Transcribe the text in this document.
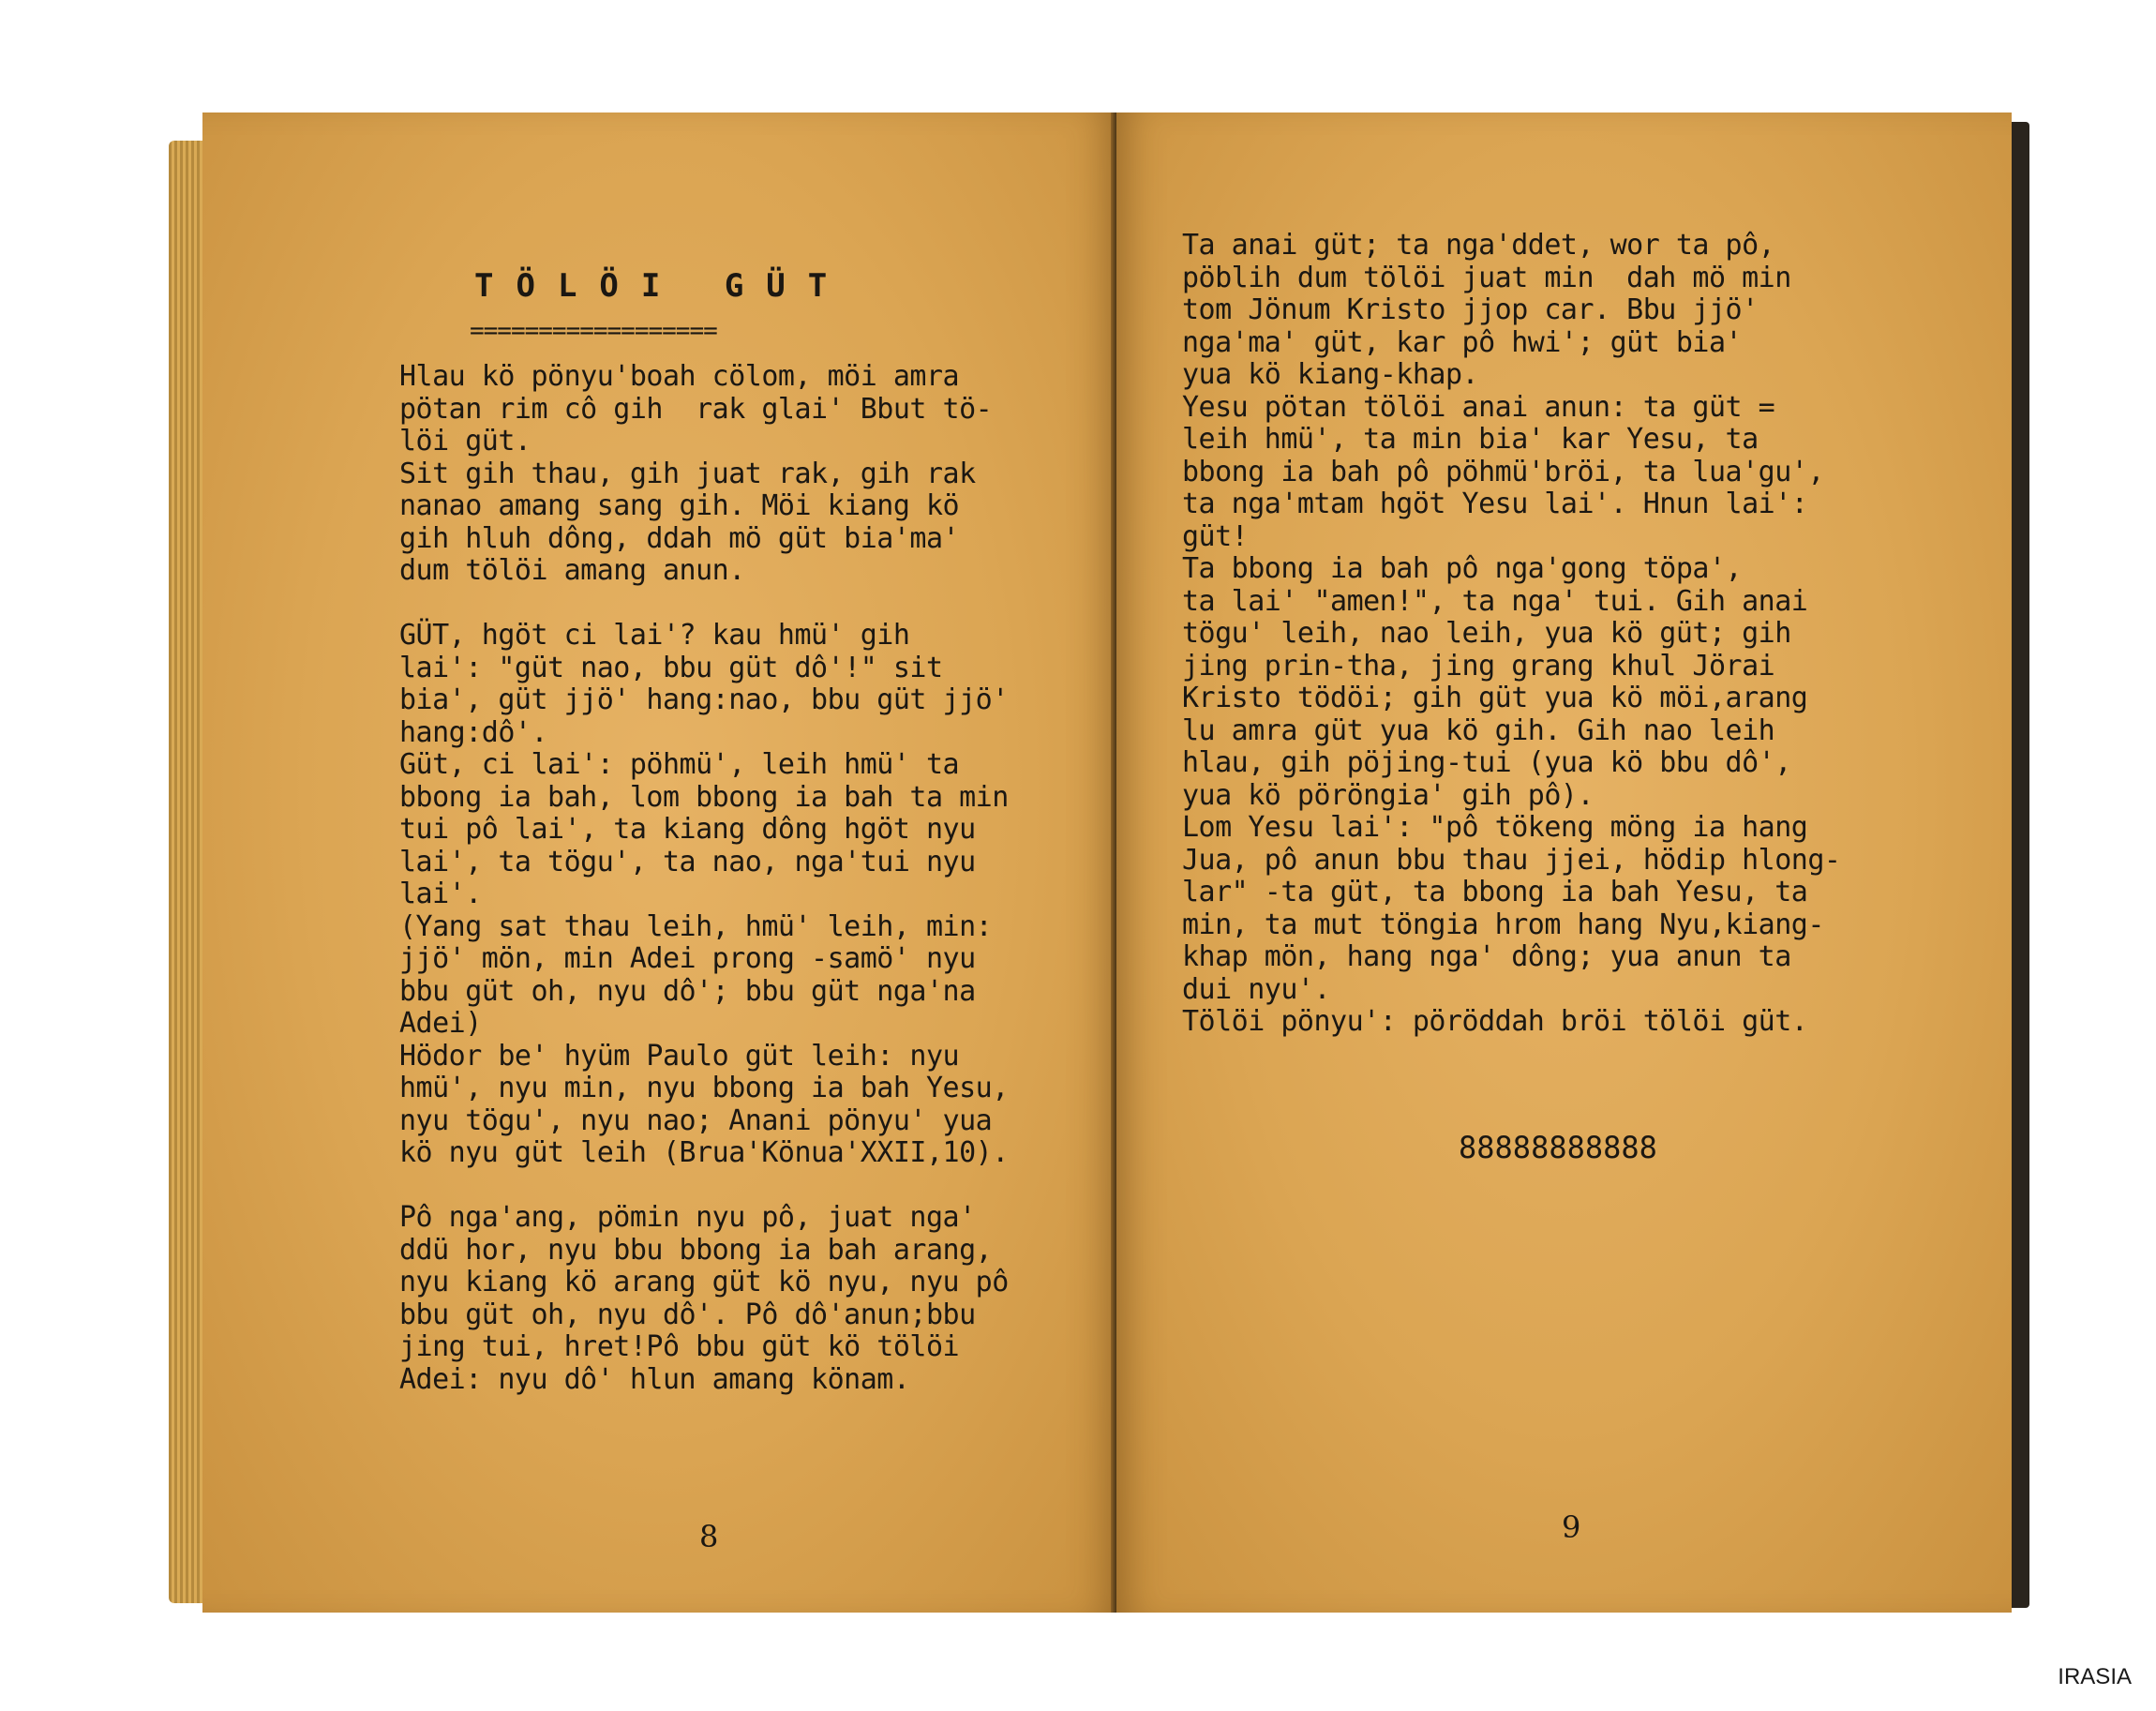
TÖLÖI GÜT
==================
Hlau kö pönyu'boah cölom, möi amra
pötan rim cô gih  rak glai' Bbut tö-
löi güt.
Sit gih thau, gih juat rak, gih rak
nanao amang sang gih. Möi kiang kö
gih hluh dông, ddah mö güt bia'ma'
dum tölöi amang anun.
GÜT, hgöt ci lai'? kau hmü' gih
lai': "güt nao, bbu güt dô'!" sit
bia', güt jjö' hang:nao, bbu güt jjö'
hang:dô'.
Güt, ci lai': pöhmü', leih hmü' ta
bbong ia bah, lom bbong ia bah ta min
tui pô lai', ta kiang dông hgöt nyu
lai', ta tögu', ta nao, nga'tui nyu
lai'.
(Yang sat thau leih, hmü' leih, min:
jjö' mön, min Adei prong -samö' nyu
bbu güt oh, nyu dô'; bbu güt nga'na
Adei)
Hödor be' hyüm Paulo güt leih: nyu
hmü', nyu min, nyu bbong ia bah Yesu,
nyu tögu', nyu nao; Anani pönyu' yua
kö nyu güt leih (Brua'Könua'XXII,10).
Pô nga'ang, pömin nyu pô, juat nga'
ddü hor, nyu bbu bbong ia bah arang,
nyu kiang kö arang güt kö nyu, nyu pô
bbu güt oh, nyu dô'. Pô dô'anun;bbu
jing tui, hret!Pô bbu güt kö tölöi
Adei: nyu dô' hlun amang könam.
8
Ta anai güt; ta nga'ddet, wor ta pô,
pöblih dum tölöi juat min  dah mö min
tom Jönum Kristo jjop car. Bbu jjö'
nga'ma' güt, kar pô hwi'; güt bia'
yua kö kiang-khap.
Yesu pötan tölöi anai anun: ta güt =
leih hmü', ta min bia' kar Yesu, ta
bbong ia bah pô pöhmü'bröi, ta lua'gu',
ta nga'mtam hgöt Yesu lai'. Hnun lai':
güt!
Ta bbong ia bah pô nga'gong töpa',
ta lai' "amen!", ta nga' tui. Gih anai
tögu' leih, nao leih, yua kö güt; gih
jing prin-tha, jing grang khul Jörai
Kristo tödöi; gih güt yua kö möi,arang
lu amra güt yua kö gih. Gih nao leih
hlau, gih pöjing-tui (yua kö bbu dô',
yua kö pöröngia' gih pô).
Lom Yesu lai': "pô tökeng möng ia hang
Jua, pô anun bbu thau jjei, hödip hlong-
lar" -ta güt, ta bbong ia bah Yesu, ta
min, ta mut töngia hrom hang Nyu,kiang-
khap mön, hang nga' dông; yua anun ta
dui nyu'.
Tölöi pönyu': pöröddah bröi tölöi güt.
88888888888
9
IRASIA
